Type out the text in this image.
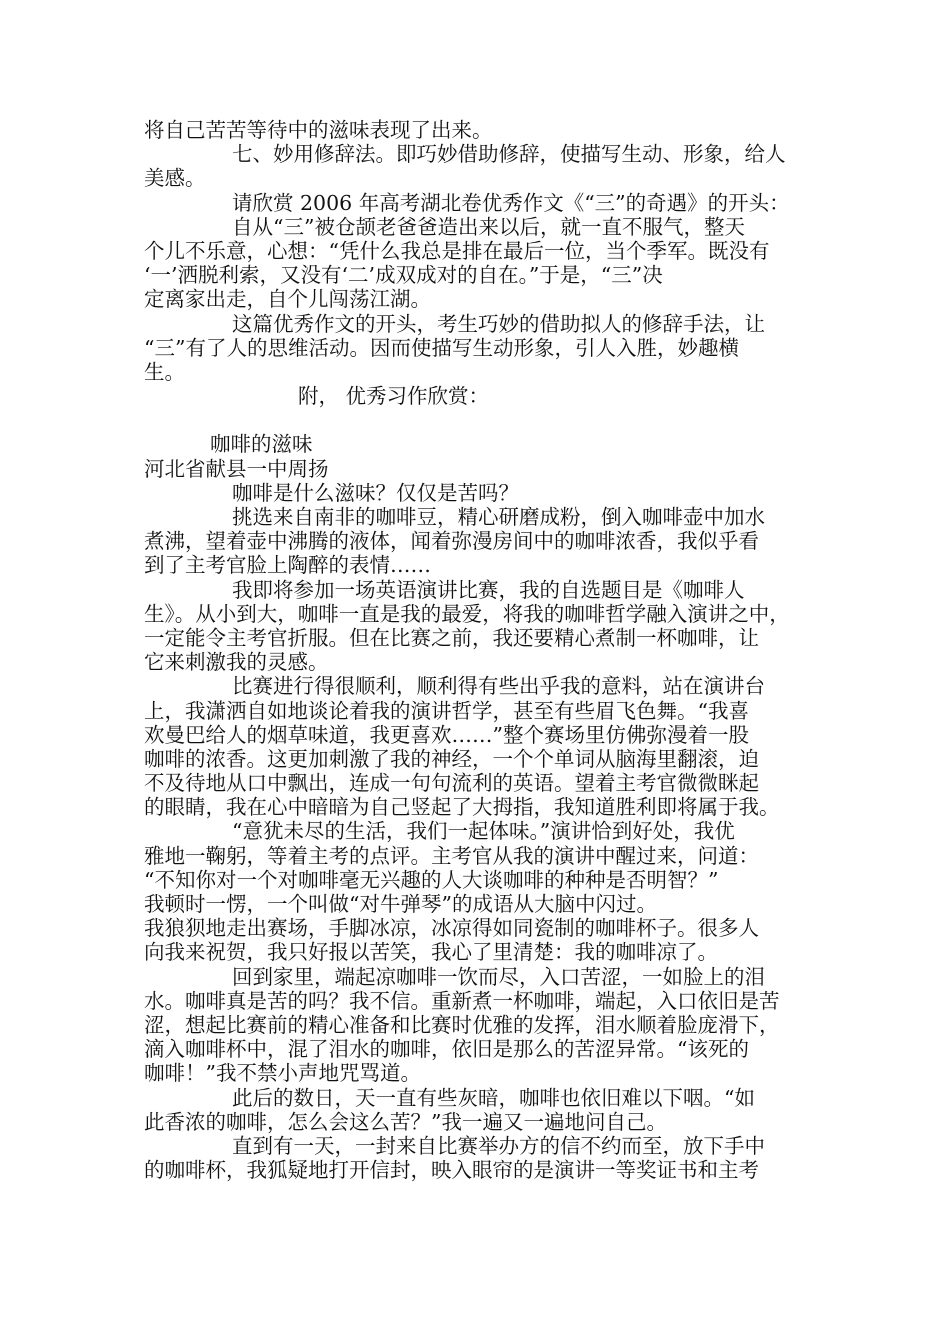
将自己苦苦等待中的滋味表现了出来。
七、妙用修辞法。即巧妙借助修辞，使描写生动、形象，给人
美感。
请欣赏 2006 年高考湖北卷优秀作文《“三”的奇遇》的开头：
自从“三”被仓颉老爸爸造出来以后，就一直不服气，整天
个儿不乐意，心想：“凭什么我总是排在最后一位，当个季军。既没有
‘一’洒脱利索，又没有‘二’成双成对的自在。”于是，“三”决
定离家出走，自个儿闯荡江湖。
这篇优秀作文的开头，考生巧妙的借助拟人的修辞手法，让
“三”有了人的思维活动。因而使描写生动形象，引人入胜，妙趣横
生。
附， 优秀习作欣赏：
咖啡的滋味
河北省献县一中周扬
咖啡是什么滋味？仅仅是苦吗？
挑选来自南非的咖啡豆，精心研磨成粉，倒入咖啡壶中加水
煮沸，望着壶中沸腾的液体，闻着弥漫房间中的咖啡浓香，我似乎看
到了主考官脸上陶醉的表情……
我即将参加一场英语演讲比赛，我的自选题目是《咖啡人
生》。从小到大，咖啡一直是我的最爱，将我的咖啡哲学融入演讲之中，
一定能令主考官折服。但在比赛之前，我还要精心煮制一杯咖啡，让
它来刺激我的灵感。
比赛进行得很顺利，顺利得有些出乎我的意料，站在演讲台
上，我潇洒自如地谈论着我的演讲哲学，甚至有些眉飞色舞。“我喜
欢曼巴给人的烟草味道，我更喜欢……”整个赛场里仿佛弥漫着一股
咖啡的浓香。这更加刺激了我的神经，一个个单词从脑海里翻滚，迫
不及待地从口中飘出，连成一句句流利的英语。望着主考官微微眯起
的眼睛，我在心中暗暗为自己竖起了大拇指，我知道胜利即将属于我。
“意犹未尽的生活，我们一起体味。”演讲恰到好处，我优
雅地一鞠躬，等着主考的点评。主考官从我的演讲中醒过来，问道：
“不知你对一个对咖啡毫无兴趣的人大谈咖啡的种种是否明智？”
我顿时一愣，一个叫做“对牛弹琴”的成语从大脑中闪过。
我狼狈地走出赛场，手脚冰凉，冰凉得如同瓷制的咖啡杯子。很多人
向我来祝贺，我只好报以苦笑，我心了里清楚：我的咖啡凉了。
回到家里，端起凉咖啡一饮而尽，入口苦涩，一如脸上的泪
水。咖啡真是苦的吗？我不信。重新煮一杯咖啡，端起，入口依旧是苦
涩，想起比赛前的精心准备和比赛时优雅的发挥，泪水顺着脸庞滑下，
滴入咖啡杯中，混了泪水的咖啡，依旧是那么的苦涩异常。“该死的
咖啡！”我不禁小声地咒骂道。
此后的数日，天一直有些灰暗，咖啡也依旧难以下咽。“如
此香浓的咖啡，怎么会这么苦？”我一遍又一遍地问自己。
直到有一天，一封来自比赛举办方的信不约而至，放下手中
的咖啡杯，我狐疑地打开信封，映入眼帘的是演讲一等奖证书和主考
